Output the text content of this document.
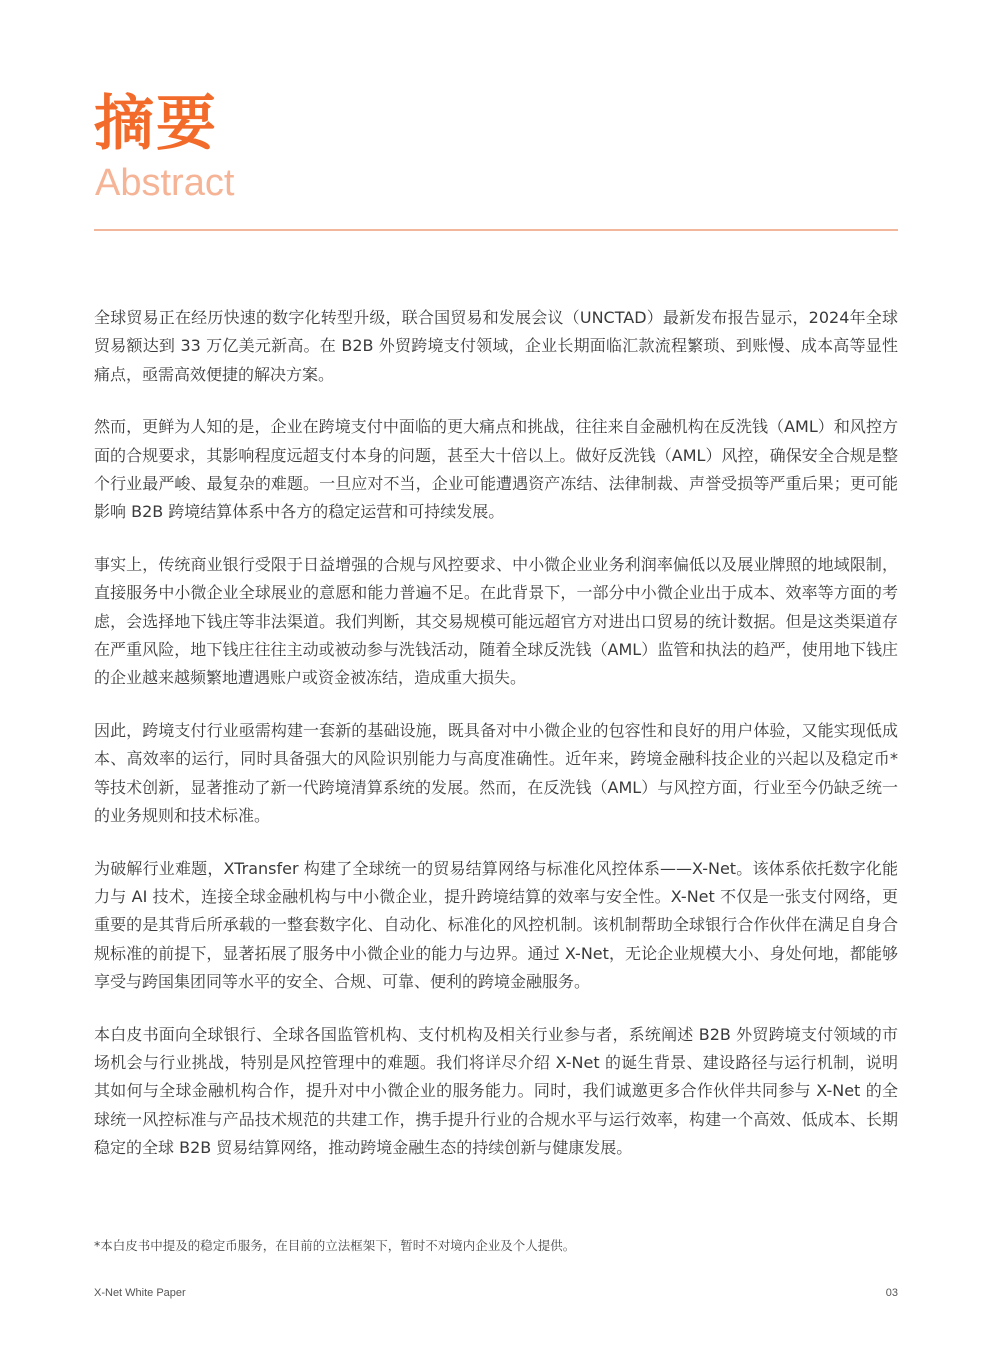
摘要
Abstract

全球贸易正在经历快速的数字化转型升级，联合国贸易和发展会议（UNCTAD）最新发布报告显示，2024年全球贸易额达到 33 万亿美元新高。在 B2B 外贸跨境支付领域，企业长期面临汇款流程繁琐、到账慢、成本高等显性痛点，亟需高效便捷的解决方案。

然而，更鲜为人知的是，企业在跨境支付中面临的更大痛点和挑战，往往来自金融机构在反洗钱（AML）和风控方面的合规要求，其影响程度远超支付本身的问题，甚至大十倍以上。做好反洗钱（AML）风控，确保安全合规是整个行业最严峻、最复杂的难题。一旦应对不当，企业可能遭遇资产冻结、法律制裁、声誉受损等严重后果；更可能影响 B2B 跨境结算体系中各方的稳定运营和可持续发展。

事实上，传统商业银行受限于日益增强的合规与风控要求、中小微企业业务利润率偏低以及展业牌照的地域限制，直接服务中小微企业全球展业的意愿和能力普遍不足。在此背景下，一部分中小微企业出于成本、效率等方面的考虑，会选择地下钱庄等非法渠道。我们判断，其交易规模可能远超官方对进出口贸易的统计数据。但是这类渠道存在严重风险，地下钱庄往往主动或被动参与洗钱活动，随着全球反洗钱（AML）监管和执法的趋严，使用地下钱庄的企业越来越频繁地遭遇账户或资金被冻结，造成重大损失。

因此，跨境支付行业亟需构建一套新的基础设施，既具备对中小微企业的包容性和良好的用户体验，又能实现低成本、高效率的运行，同时具备强大的风险识别能力与高度准确性。近年来，跨境金融科技企业的兴起以及稳定币*等技术创新，显著推动了新一代跨境清算系统的发展。然而，在反洗钱（AML）与风控方面，行业至今仍缺乏统一的业务规则和技术标准。

为破解行业难题，XTransfer 构建了全球统一的贸易结算网络与标准化风控体系——X-Net。该体系依托数字化能力与 AI 技术，连接全球金融机构与中小微企业，提升跨境结算的效率与安全性。X-Net 不仅是一张支付网络，更重要的是其背后所承载的一整套数字化、自动化、标准化的风控机制。该机制帮助全球银行合作伙伴在满足自身合规标准的前提下，显著拓展了服务中小微企业的能力与边界。通过 X-Net，无论企业规模大小、身处何地，都能够享受与跨国集团同等水平的安全、合规、可靠、便利的跨境金融服务。

本白皮书面向全球银行、全球各国监管机构、支付机构及相关行业参与者，系统阐述 B2B 外贸跨境支付领域的市场机会与行业挑战，特别是风控管理中的难题。我们将详尽介绍 X-Net 的诞生背景、建设路径与运行机制，说明其如何与全球金融机构合作，提升对中小微企业的服务能力。同时，我们诚邀更多合作伙伴共同参与 X-Net 的全球统一风控标准与产品技术规范的共建工作，携手提升行业的合规水平与运行效率，构建一个高效、低成本、长期稳定的全球 B2B 贸易结算网络，推动跨境金融生态的持续创新与健康发展。

*本白皮书中提及的稳定币服务，在目前的立法框架下，暂时不对境内企业及个人提供。
X-Net White Paper	03
